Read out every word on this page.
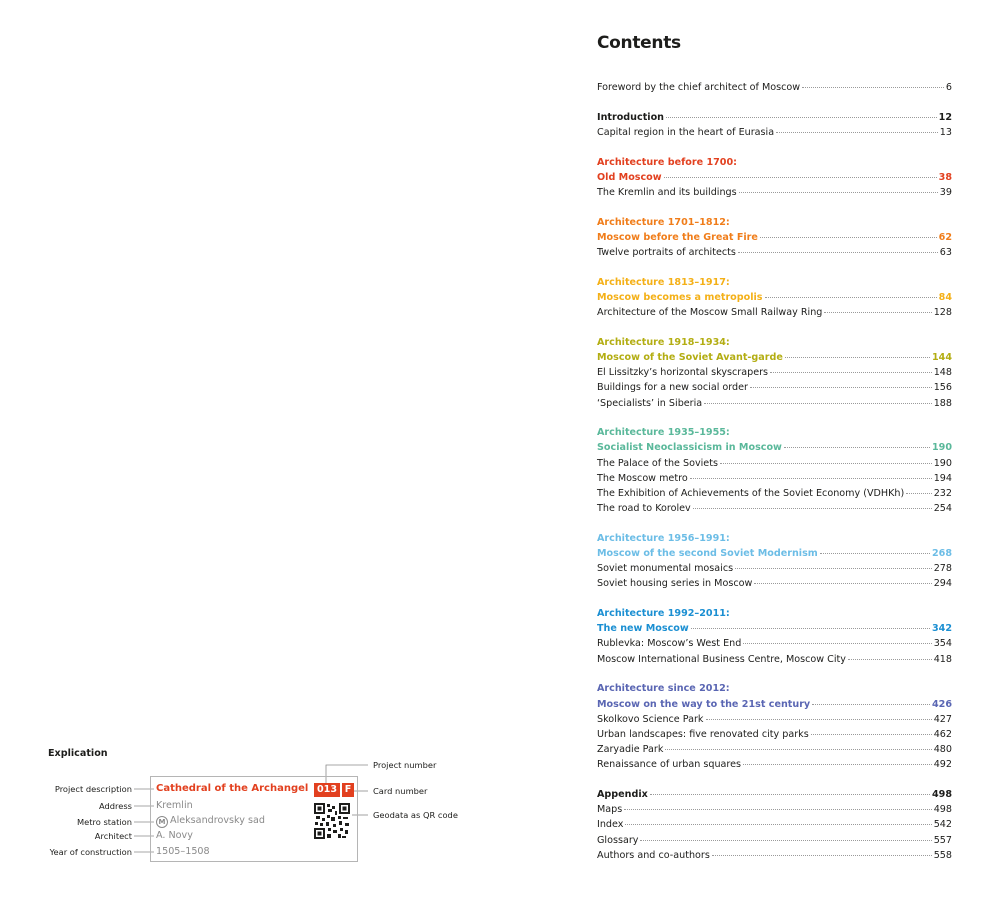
Explication
Project description
Address
Metro station
Architect
Year of construction
Project number
Card number
Geodata as QR code
Cathedral of the Archangel
Kremlin
M Aleksandrovsky sad
A. Novy
1505–1508
013 F
Contents
Foreword by the chief architect of Moscow	6
Introduction	12
Capital region in the heart of Eurasia	13
Architecture before 1700:
Old Moscow	38
The Kremlin and its buildings	39
Architecture 1701–1812:
Moscow before the Great Fire	62
Twelve portraits of architects	63
Architecture 1813–1917:
Moscow becomes a metropolis	84
Architecture of the Moscow Small Railway Ring	128
Architecture 1918–1934:
Moscow of the Soviet Avant-garde	144
El Lissitzky’s horizontal skyscrapers	148
Buildings for a new social order	156
‘Specialists’ in Siberia	188
Architecture 1935–1955:
Socialist Neoclassicism in Moscow	190
The Palace of the Soviets	190
The Moscow metro	194
The Exhibition of Achievements of the Soviet Economy (VDHKh)	232
The road to Korolev	254
Architecture 1956–1991:
Moscow of the second Soviet Modernism	268
Soviet monumental mosaics	278
Soviet housing series in Moscow	294
Architecture 1992–2011:
The new Moscow	342
Rublevka: Moscow’s West End	354
Moscow International Business Centre, Moscow City	418
Architecture since 2012:
Moscow on the way to the 21st century	426
Skolkovo Science Park	427
Urban landscapes: five renovated city parks	462
Zaryadie Park	480
Renaissance of urban squares	492
Appendix	498
Maps	498
Index	542
Glossary	557
Authors and co-authors	558
